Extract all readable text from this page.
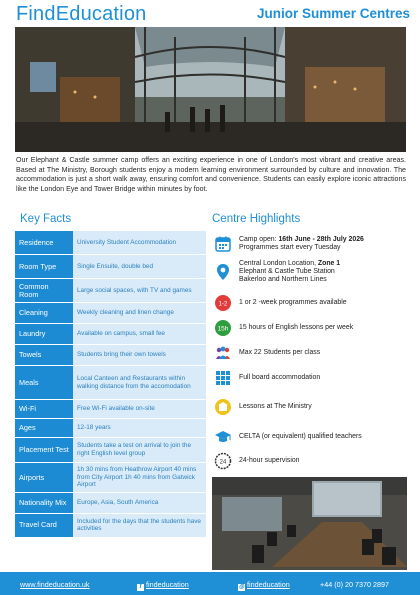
FindEducation	Junior Summer Centres

Our Elephant & Castle summer camp offers an exciting experience in one of London's most vibrant and creative areas. Based at The Ministry, Borough students enjoy a modern learning environment surrounded by culture and innovation. The accommodation is just a short walk away, ensuring comfort and convenience. Students can easily explore iconic attractions like the London Eye and Tower Bridge within minutes by foot.

Key Facts	Centre Highlights
Residence	University Student Accommodation
Room Type	Single Ensuite, double bed
Common Room	Large social spaces, with TV and games
Cleaning	Weekly cleaning and linen change
Laundry	Available on campus, small fee
Towels	Students bring their own towels
Meals	Local Canteen and Restaurants within walking distance from the accomodation
Wi-Fi	Free Wi-Fi available on-site
Ages	12-18 years
Placement Test	Students take a test on arrival to join the right English level group
Airports	1h 30 mins from Heathrow Airport 40 mins from City Airport 1h 40 mins from Gatwick Airport
Nationality Mix	Europe, Asia, South America
Travel Card	Included for the days that the students have activities
Camp open: 16th June - 28th July 2026
Programmes start every Tuesday
Central London Location, Zone 1
Elephant & Castle Tube Station
Bakerloo and Northern Lines
1-2 1 or 2 -week programmes available
15h 15 hours of English lessons per week
Max 22 Students per class
Full board accommodation
Lessons at The Ministry
CELTA (or equivalent) qualified teachers
24 24-hour supervision
www.findeducation.uk	f findeducation	◎ findeducation	+44 (0) 20 7370 2897
